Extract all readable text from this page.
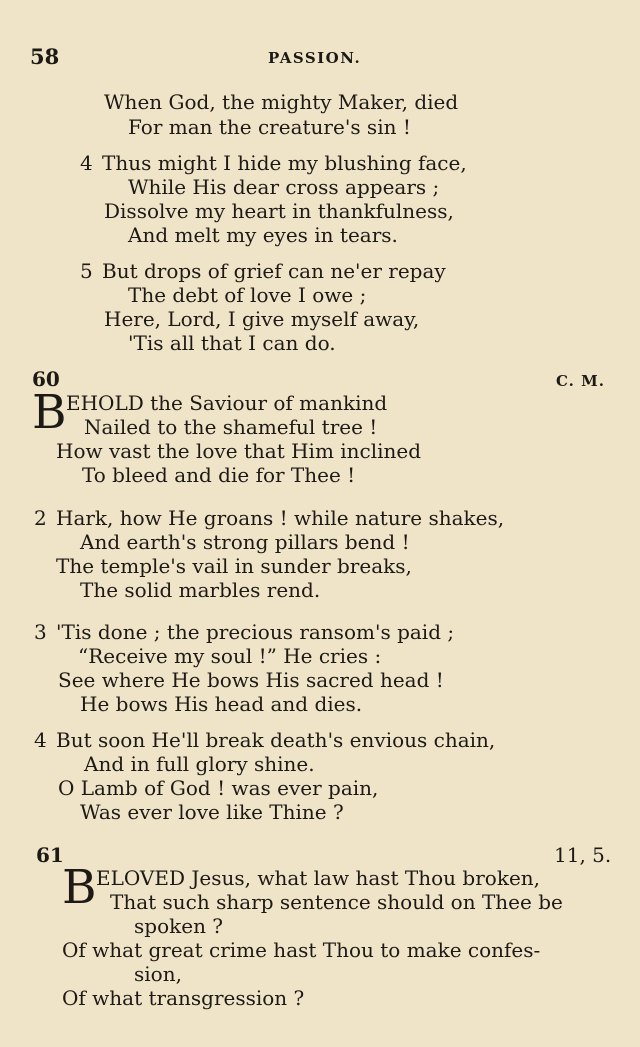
58	PASSION.
When God, the mighty Maker, died
For man the creature's sin !
4 Thus might I hide my blushing face,
While His dear cross appears ;
Dissolve my heart in thankfulness,
And melt my eyes in tears.
5 But drops of grief can ne'er repay
The debt of love I owe ;
Here, Lord, I give myself away,
'Tis all that I can do.
60	C. M.
B EHOLD the Saviour of mankind
Nailed to the shameful tree !
How vast the love that Him inclined
To bleed and die for Thee !
2 Hark, how He groans ! while nature shakes,
And earth's strong pillars bend !
The temple's vail in sunder breaks,
The solid marbles rend.
3 'Tis done ; the precious ransom's paid ;
“Receive my soul !” He cries :
See where He bows His sacred head !
He bows His head and dies.
4 But soon He'll break death's envious chain,
And in full glory shine.
O Lamb of God ! was ever pain,
Was ever love like Thine ?
61	11, 5.
B ELOVED Jesus, what law hast Thou broken,
That such sharp sentence should on Thee be
spoken ?
Of what great crime hast Thou to make confes-
sion,
Of what transgression ?
